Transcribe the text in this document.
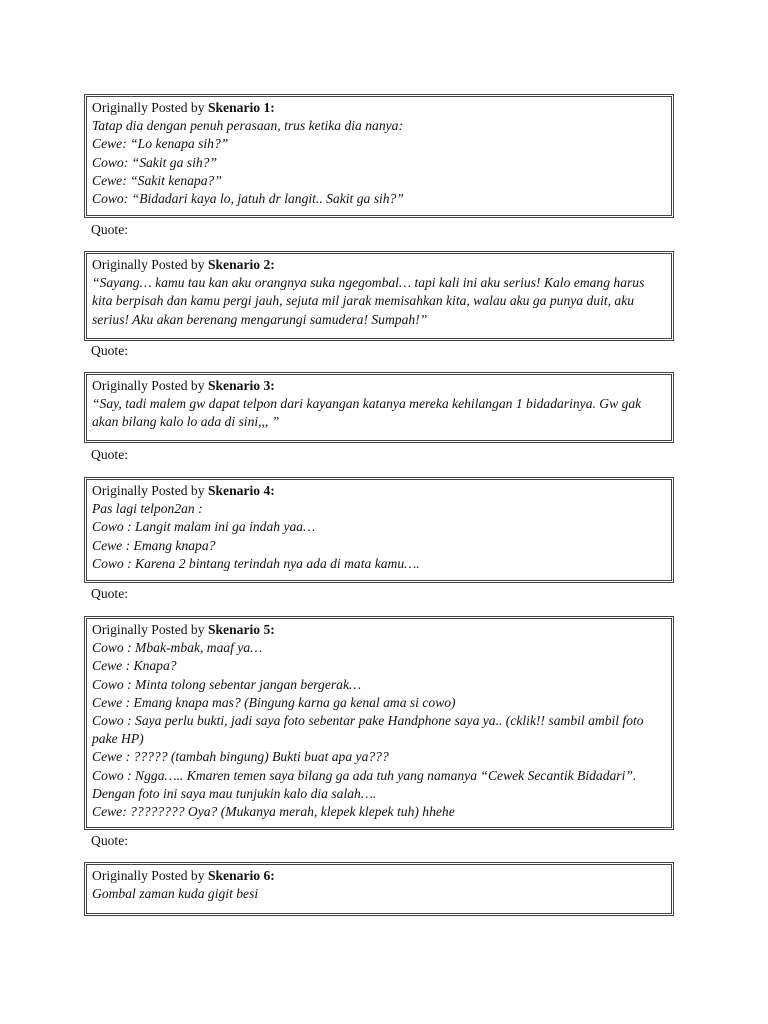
Originally Posted by Skenario 1:
Tatap dia dengan penuh perasaan, trus ketika dia nanya:
Cewe: “Lo kenapa sih?”
Cowo: “Sakit ga sih?”
Cewe: “Sakit kenapa?”
Cowo: “Bidadari kaya lo, jatuh dr langit.. Sakit ga sih?”
Quote:
Originally Posted by Skenario 2:
“Sayang… kamu tau kan aku orangnya suka ngegombal… tapi kali ini aku serius! Kalo emang harus kita berpisah dan kamu pergi jauh, sejuta mil jarak memisahkan kita, walau aku ga punya duit, aku serius! Aku akan berenang mengarungi samudera! Sumpah!”
Quote:
Originally Posted by Skenario 3:
“Say, tadi malem gw dapat telpon dari kayangan katanya mereka kehilangan 1 bidadarinya. Gw gak akan bilang kalo lo ada di sini,,, ”
Quote:
Originally Posted by Skenario 4:
Pas lagi telpon2an :
Cowo : Langit malam ini ga indah yaa…
Cewe : Emang knapa?
Cowo : Karena 2 bintang terindah nya ada di mata kamu….
Quote:
Originally Posted by Skenario 5:
Cowo : Mbak-mbak, maaf ya…
Cewe : Knapa?
Cowo : Minta tolong sebentar jangan bergerak…
Cewe : Emang knapa mas? (Bingung karna ga kenal ama si cowo)
Cowo : Saya perlu bukti, jadi saya foto sebentar pake Handphone saya ya.. (cklik!! sambil ambil foto pake HP)
Cewe : ????? (tambah bingung) Bukti buat apa ya???
Cowo : Ngga….. Kmaren temen saya bilang ga ada tuh yang namanya “Cewek Secantik Bidadari”. Dengan foto ini saya mau tunjukin kalo dia salah….
Cewe: ???????? Oya? (Mukanya merah, klepek klepek tuh) hhehe
Quote:
Originally Posted by Skenario 6:
Gombal zaman kuda gigit besi
